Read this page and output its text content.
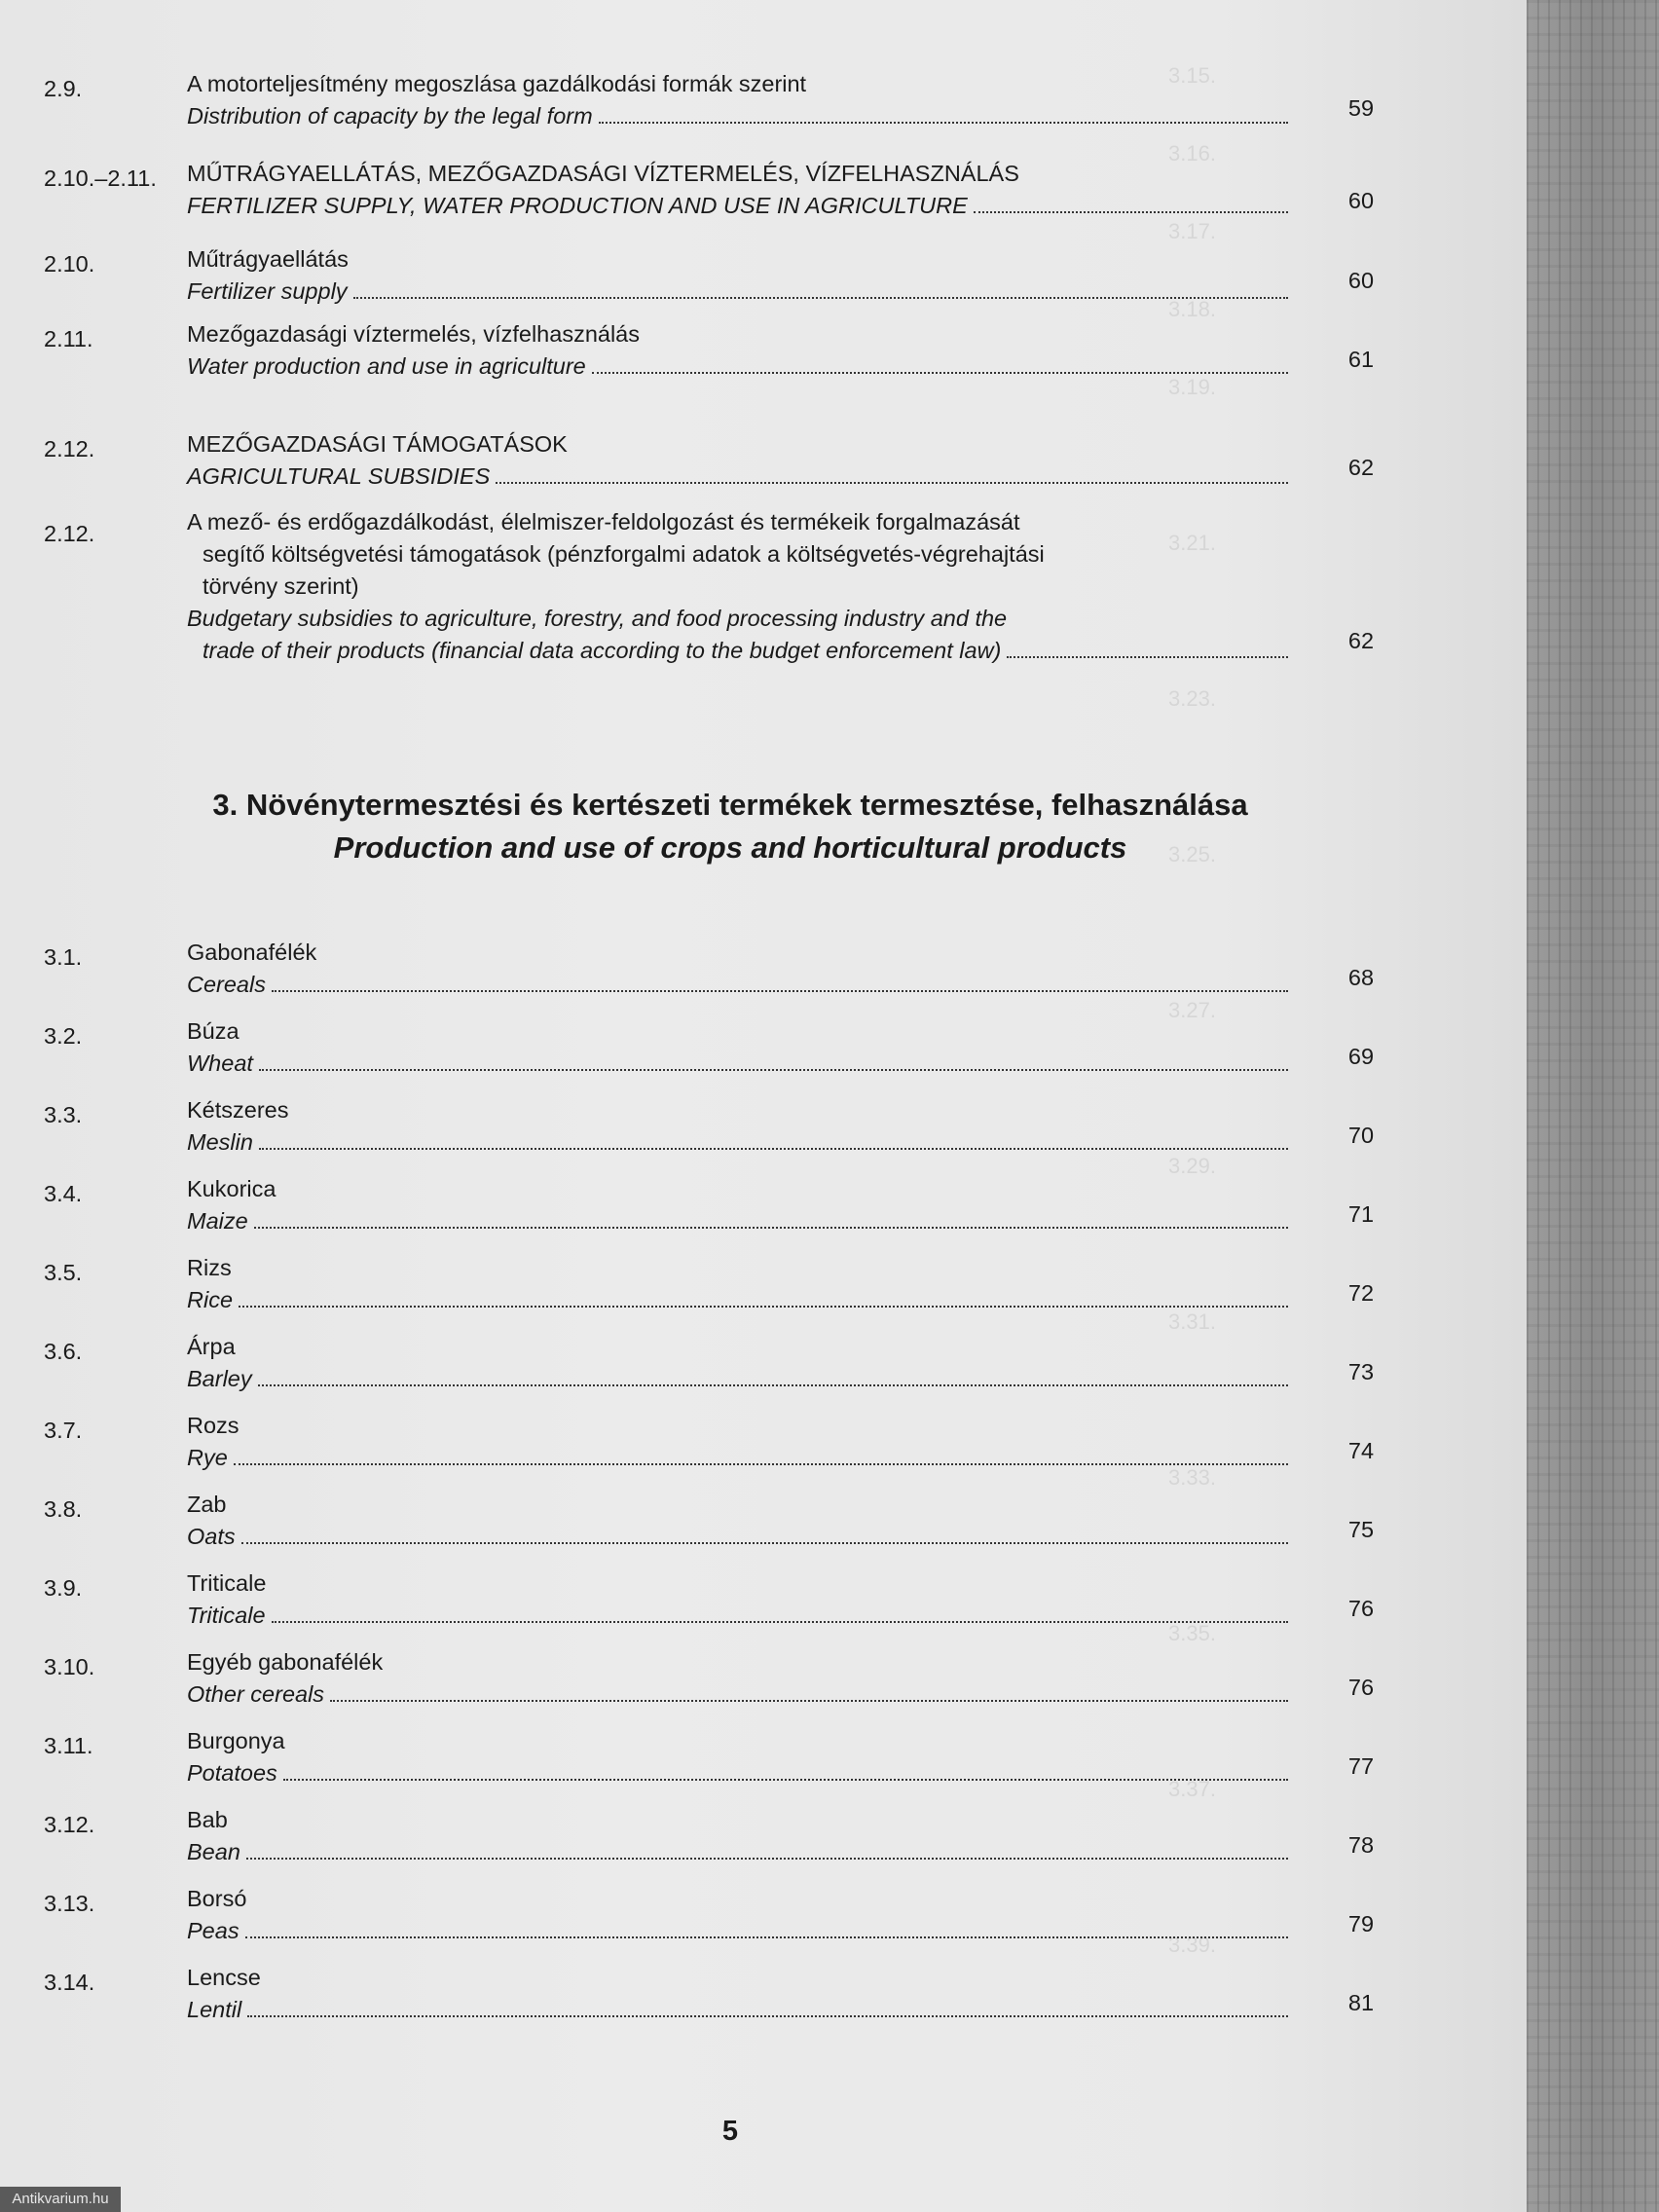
3.15.
3.16.
3.17.
3.18.
3.19.
3.21.
3.23.
3.25.
3.27.
3.29.
3.31.
3.33.
3.35.
3.37.
3.39.
2.9.	A motorteljesítmény megoszlása gazdálkodási formák szerint
Distribution of capacity by the legal form	59
2.10.–2.11. MŰTRÁGYAELLÁTÁS, MEZŐGAZDASÁGI VÍZTERMELÉS, VÍZFELHASZNÁLÁS
FERTILIZER SUPPLY, WATER PRODUCTION AND USE IN AGRICULTURE	60
2.10.	Műtrágyaellátás
Fertilizer supply	60
2.11.	Mezőgazdasági víztermelés, vízfelhasználás
Water production and use in agriculture	61
2.12.	MEZŐGAZDASÁGI TÁMOGATÁSOK
AGRICULTURAL SUBSIDIES	62
2.12.	A mező- és erdőgazdálkodást, élelmiszer-feldolgozást és termékeik forgalmazását
segítő költségvetési támogatások (pénzforgalmi adatok a költségvetés-végrehajtási
törvény szerint)
Budgetary subsidies to agriculture, forestry, and food processing industry and the
trade of their products (financial data according to the budget enforcement law)	62
3. Növénytermesztési és kertészeti termékek termesztése, felhasználása
Production and use of crops and horticultural products
3.1.	Gabonafélék
Cereals	68
3.2.	Búza
Wheat	69
3.3.	Kétszeres
Meslin	70
3.4.	Kukorica
Maize	71
3.5.	Rizs
Rice	72
3.6.	Árpa
Barley	73
3.7.	Rozs
Rye	74
3.8.	Zab
Oats	75
3.9.	Triticale
Triticale	76
3.10.	Egyéb gabonafélék
Other cereals	76
3.11.	Burgonya
Potatoes	77
3.12.	Bab
Bean	78
3.13.	Borsó
Peas	79
3.14.	Lencse
Lentil	81
5
Antikvarium.hu
